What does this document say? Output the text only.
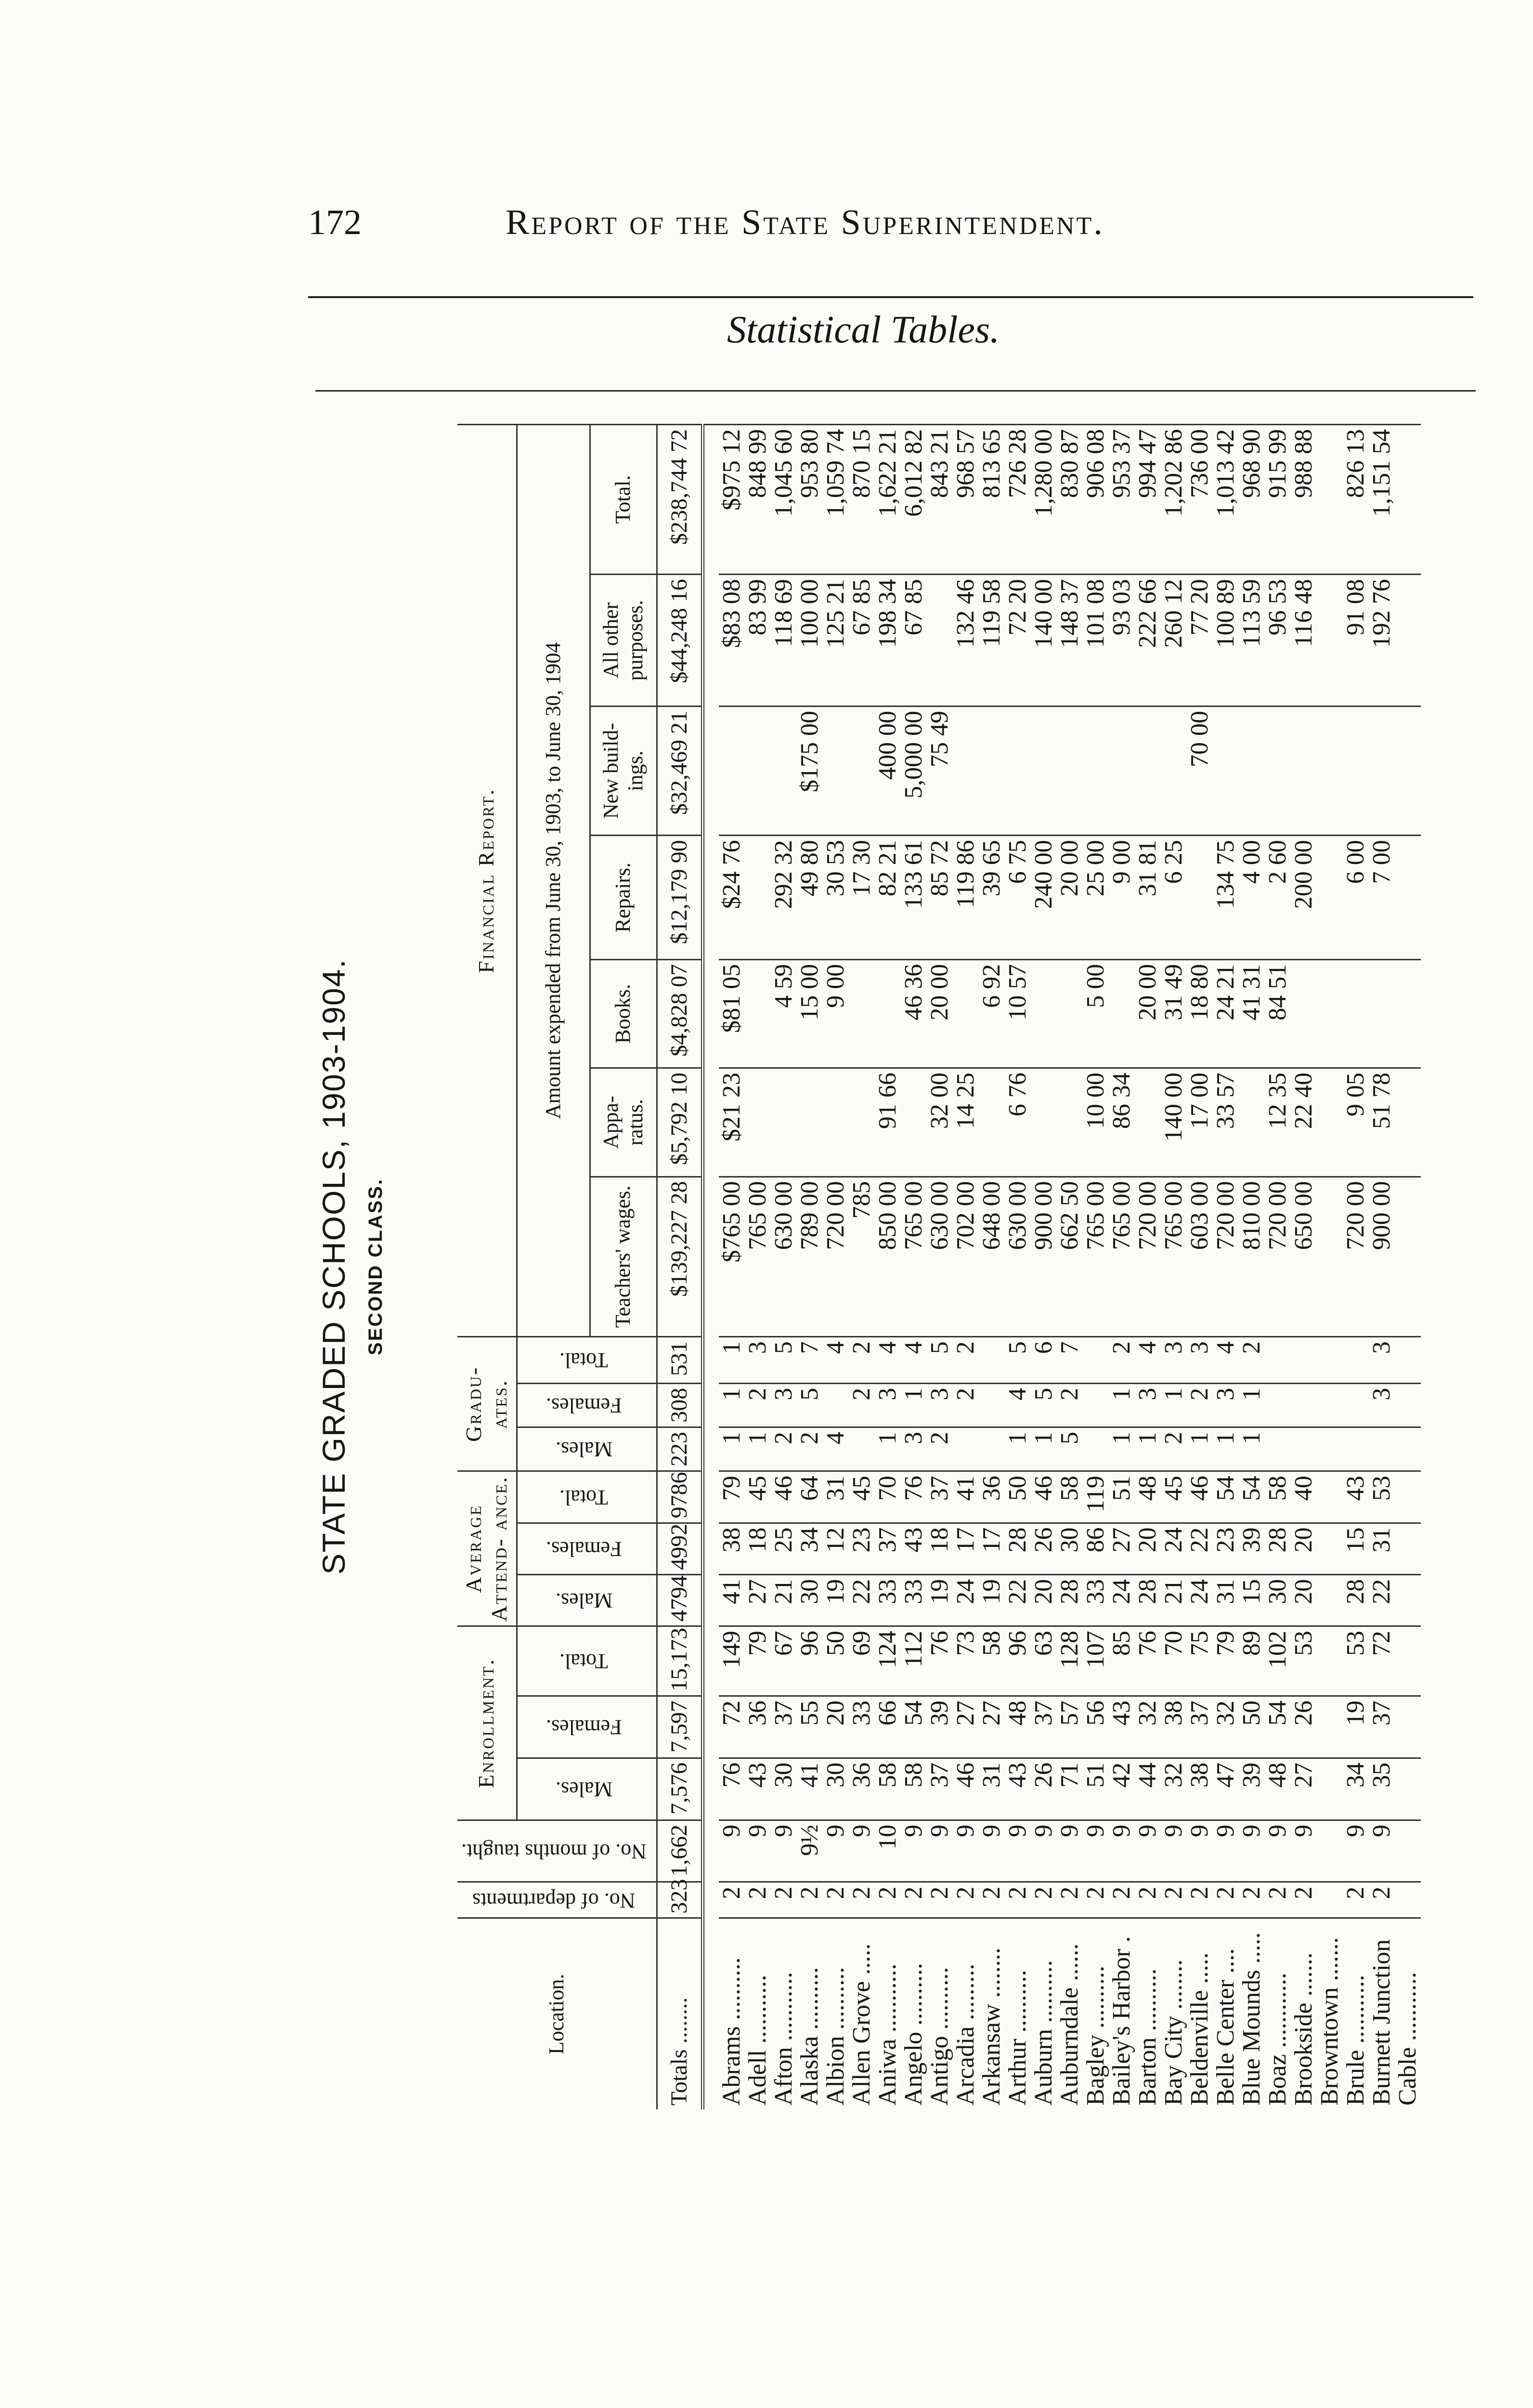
172	Report of the State Superintendent.
Statistical Tables.
STATE GRADED SCHOOLS, 1903-1904. SECOND CLASS.
Location.	No. of departments	No. of months taught.	Enrollment.			Average Attend- ance.			Gradu- ates.			Financial Report.						
			Males.	Females.	Total.	Males.	Females.	Total.	Males.	Females.	Total.	Amount expended from June 30, 1903, to June 30, 1904						
												Teachers' wages.	Appa- ratus.	Books.	Repairs.	New build- ings.	All other purposes.	Total.
Totals ........	323	1,662	7,576	7,597	15,173	4794	4992	9786	223	308	531	$139,227 28	$5,792 10	$4,828 07	$12,179 90	$32,469 21	$44,248 16	$238,744 72

Abrams ..........	2	9	76	72	149	41	38	79	1	1	1	$765 00	$21 23	$81 05	$24 76		$83 08	$975 12
Adell ...........	2	9	43	36	79	27	18	45	1	2	3	765 00					83 99	848 99
Afton ...........	2	9	30	37	67	21	25	46	2	3	5	630 00		4 59	292 32		118 69	1,045 60
Alaska ..........	2	9½	41	55	96	30	34	64	2	5	7	789 00		15 00	49 80	$175 00	100 00	953 80
Albion ..........	2	9	30	20	50	19	12	31	4		4	720 00		9 00	30 53		125 21	1,059 74
Allen Grove .....	2	9	36	33	69	22	23	45		2	2	785			17 30		67 85	870 15
Aniwa ...........	2	10	58	66	124	33	37	70	1	3	4	850 00	91 66		82 21	400 00	198 34	1,622 21
Angelo ..........	2	9	58	54	112	33	43	76	3	1	4	765 00		46 36	133 61	5,000 00	67 85	6,012 82
Antigo ..........	2	9	37	39	76	19	18	37	2	3	5	630 00	32 00	20 00	85 72	75 49		843 21
Arcadia .........	2	9	46	27	73	24	17	41		2	2	702 00	14 25		119 86		132 46	968 57
Arkansaw ........	2	9	31	27	58	19	17	36				648 00		6 92	39 65		119 58	813 65
Arthur ..........	2	9	43	48	96	22	28	50	1	4	5	630 00	6 76	10 57	6 75		72 20	726 28
Auburn ..........	2	9	26	37	63	20	26	46	1	5	6	900 00			240 00		140 00	1,280 00
Auburndale ......	2	9	71	57	128	28	30	58	5	2	7	662 50			20 00		148 37	830 87
Bagley ..........	2	9	51	56	107	33	86	119				765 00	10 00	5 00	25 00		101 08	906 08
Bailey's Harbor .	2	9	42	43	85	24	27	51	1	1	2	765 00	86 34		9 00		93 03	953 37
Barton ..........	2	9	44	32	76	28	20	48	1	3	4	720 00		20 00	31 81		222 66	994 47
Bay City ........	2	9	32	38	70	21	24	45	2	1	3	765 00	140 00	31 49	6 25		260 12	1,202 86
Beldenville .....	2	9	38	37	75	24	22	46	1	2	3	603 00	17 00	18 80		70 00	77 20	736 00
Belle Center ....	2	9	47	32	79	31	23	54	1	3	4	720 00	33 57	24 21	134 75		100 89	1,013 42
Blue Mounds .....	2	9	39	50	89	15	39	54	1	1	2	810 00		41 31	4 00		113 59	968 90
Boaz ............	2	9	48	54	102	30	28	58				720 00	12 35	84 51	2 60		96 53	915 99
Brookside .......	2	9	27	26	53	20	20	40				650 00	22 40		200 00		116 48	988 88
Browntown .......																		
Brule ...........	2	9	34	19	53	28	15	43				720 00	9 05		6 00		91 08	826 13
Burnett Junction	2	9	35	37	72	22	31	53		3	3	900 00	51 78		7 00		192 76	1,151 54
Cable ...........																		
